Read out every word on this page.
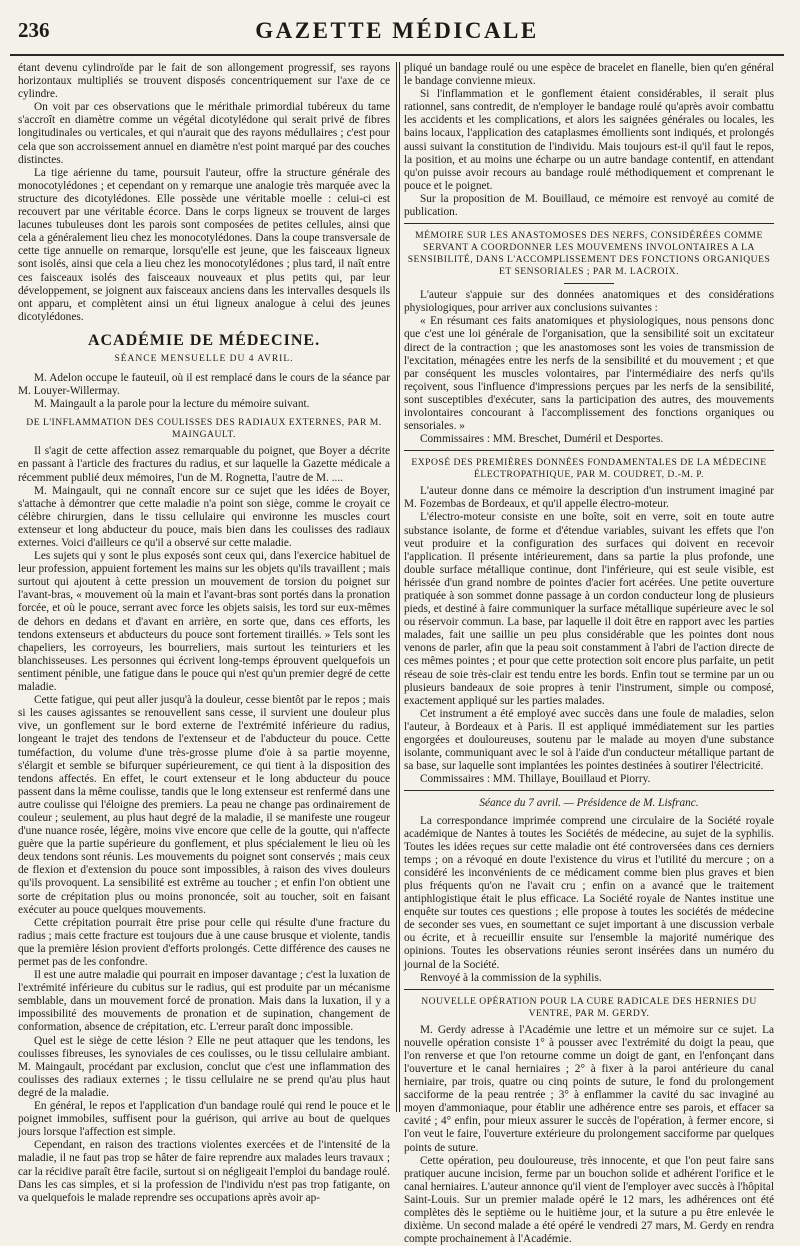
236	GAZETTE MÉDICALE

étant devenu cylindroïde par le fait de son allongement progressif, ses rayons horizontaux multipliés se trouvent disposés concentriquement sur l'axe de ce cylindre.

On voit par ces observations que le mérithale primordial tubéreux du tame s'accroît en diamètre comme un végétal dicotylédone qui serait privé de fibres longitudinales ou verticales, et qui n'aurait que des rayons médullaires ; c'est pour cela que son accroissement annuel en diamètre n'est point marqué par des couches distinctes.

La tige aérienne du tame, poursuit l'auteur, offre la structure générale des monocotylédones ; et cependant on y remarque une analogie très marquée avec la structure des dicotylédones. Elle possède une véritable moelle : celui-ci est recouvert par une véritable écorce. Dans le corps ligneux se trouvent de larges lacunes tubuleuses dont les parois sont composées de petites cellules, ainsi que cela a généralement lieu chez les monocotylédones. Dans la coupe transversale de cette tige annuelle on remarque, lorsqu'elle est jeune, que les faisceaux ligneux sont isolés, ainsi que cela a lieu chez les monocotylédones ; plus tard, il naît entre ces faisceaux isolés des faisceaux nouveaux et plus petits qui, par leur développement, se joignent aux faisceaux anciens dans les intervalles desquels ils ont apparu, et complètent ainsi un étui ligneux analogue à celui des jeunes dicotylédones.

ACADÉMIE DE MÉDECINE.
SÉANCE MENSUELLE DU 4 AVRIL.

M. Adelon occupe le fauteuil, où il est remplacé dans le cours de la séance par M. Louyer-Willermay.

M. Maingault a la parole pour la lecture du mémoire suivant.

DE L'INFLAMMATION DES COULISSES DES RADIAUX EXTERNES, PAR M. MAINGAULT.

Il s'agit de cette affection assez remarquable du poignet, que Boyer a décrite en passant à l'article des fractures du radius, et sur laquelle la Gazette médicale a récemment publié deux mémoires, l'un de M. Rognetta, l'autre de M. ....

M. Maingault, qui ne connaît encore sur ce sujet que les idées de Boyer, s'attache à démontrer que cette maladie n'a point son siège, comme le croyait ce célèbre chirurgien, dans le tissu cellulaire qui environne les muscles court extenseur et long abducteur du pouce, mais bien dans les coulisses des radiaux externes. Voici d'ailleurs ce qu'il a observé sur cette maladie.

Les sujets qui y sont le plus exposés sont ceux qui, dans l'exercice habituel de leur profession, appuient fortement les mains sur les objets qu'ils travaillent ; mais surtout qui ajoutent à cette pression un mouvement de torsion du poignet sur l'avant-bras, « mouvement où la main et l'avant-bras sont portés dans la pronation forcée, et où le pouce, serrant avec force les objets saisis, les tord sur eux-mêmes de dehors en dedans et d'avant en arrière, en sorte que, dans ces efforts, les tendons extenseurs et abducteurs du pouce sont fortement tiraillés. » Tels sont les chapeliers, les corroyeurs, les bourreliers, mais surtout les teinturiers et les blanchisseuses. Les personnes qui écrivent long-temps éprouvent quelquefois un sentiment pénible, une fatigue dans le pouce qui n'est qu'un premier degré de cette maladie.

Cette fatigue, qui peut aller jusqu'à la douleur, cesse bientôt par le repos ; mais si les causes agissantes se renouvellent sans cesse, il survient une douleur plus vive, un gonflement sur le bord externe de l'extrémité inférieure du radius, longeant le trajet des tendons de l'extenseur et de l'abducteur du pouce. Cette tuméfaction, du volume d'une très-grosse plume d'oie à sa partie moyenne, s'élargit et semble se bifurquer supérieurement, ce qui tient à la disposition des tendons affectés. En effet, le court extenseur et le long abducteur du pouce passent dans la même coulisse, tandis que le long extenseur est renfermé dans une autre coulisse qui l'éloigne des premiers. La peau ne change pas ordinairement de couleur ; seulement, au plus haut degré de la maladie, il se manifeste une rougeur d'une nuance rosée, légère, moins vive encore que celle de la goutte, qui n'affecte guère que la partie supérieure du gonflement, et plus spécialement le lieu où les deux tendons sont réunis. Les mouvements du poignet sont conservés ; mais ceux de flexion et d'extension du pouce sont impossibles, à raison des vives douleurs qu'ils provoquent. La sensibilité est extrême au toucher ; et enfin l'on obtient une sorte de crépitation plus ou moins prononcée, soit au toucher, soit en faisant exécuter au pouce quelques mouvements.

Cette crépitation pourrait être prise pour celle qui résulte d'une fracture du radius ; mais cette fracture est toujours due à une cause brusque et violente, tandis que la première lésion provient d'efforts prolongés. Cette différence des causes ne permet pas de les confondre.

Il est une autre maladie qui pourrait en imposer davantage ; c'est la luxation de l'extrémité inférieure du cubitus sur le radius, qui est produite par un mécanisme semblable, dans un mouvement forcé de pronation. Mais dans la luxation, il y a impossibilité des mouvements de pronation et de supination, changement de conformation, absence de crépitation, etc. L'erreur paraît donc impossible.

Quel est le siège de cette lésion ? Elle ne peut attaquer que les tendons, les coulisses fibreuses, les synoviales de ces coulisses, ou le tissu cellulaire ambiant. M. Maingault, procédant par exclusion, conclut que c'est une inflammation des coulisses des radiaux externes ; le tissu cellulaire ne se prend qu'au plus haut degré de la maladie.

En général, le repos et l'application d'un bandage roulé qui rend le pouce et le poignet immobiles, suffisent pour la guérison, qui arrive au bout de quelques jours lorsque l'affection est simple.

Cependant, en raison des tractions violentes exercées et de l'intensité de la maladie, il ne faut pas trop se hâter de faire reprendre aux malades leurs travaux ; car la récidive paraît être facile, surtout si on négligeait l'emploi du bandage roulé. Dans les cas simples, et si la profession de l'individu n'est pas trop fatigante, on va quelquefois le malade reprendre ses occupations après avoir ap-

pliqué un bandage roulé ou une espèce de bracelet en flanelle, bien qu'en général le bandage convienne mieux.

Si l'inflammation et le gonflement étaient considérables, il serait plus rationnel, sans contredit, de n'employer le bandage roulé qu'après avoir combattu les accidents et les complications, et alors les saignées générales ou locales, les bains locaux, l'application des cataplasmes émollients sont indiqués, et prolongés aussi suivant la constitution de l'individu. Mais toujours est-il qu'il faut le repos, la position, et au moins une écharpe ou un autre bandage contentif, en attendant qu'on puisse avoir recours au bandage roulé méthodiquement et comprenant le pouce et le poignet.

Sur la proposition de M. Bouillaud, ce mémoire est renvoyé au comité de publication.

MÉMOIRE SUR LES ANASTOMOSES DES NERFS, CONSIDÉRÉES COMME SERVANT A COORDONNER LES MOUVEMENS INVOLONTAIRES A LA SENSIBILITÉ, DANS L'ACCOMPLISSEMENT DES FONCTIONS ORGANIQUES ET SENSORIALES ; PAR M. LACROIX.

L'auteur s'appuie sur des données anatomiques et des considérations physiologiques, pour arriver aux conclusions suivantes :

« En résumant ces faits anatomiques et physiologiques, nous pensons donc que c'est une loi générale de l'organisation, que la sensibilité soit un excitateur direct de la contraction ; que les anastomoses sont les voies de transmission de l'excitation, ménagées entre les nerfs de la sensibilité et du mouvement ; et que par conséquent les muscles volontaires, par l'intermédiaire des nerfs qu'ils reçoivent, sous l'influence d'impressions perçues par les nerfs de la sensibilité, sont susceptibles d'exécuter, sans la participation des autres, des mouvements involontaires concourant à l'accomplissement des fonctions organiques ou sensoriales. »

Commissaires : MM. Breschet, Duméril et Desportes.

EXPOSÉ DES PREMIÈRES DONNÉES FONDAMENTALES DE LA MÉDECINE ÉLECTROPATHIQUE, PAR M. COUDRET, D.-M. P.

L'auteur donne dans ce mémoire la description d'un instrument imaginé par M. Fozembas de Bordeaux, et qu'il appelle électro-moteur.

L'électro-moteur consiste en une boîte, soit en verre, soit en toute autre substance isolante, de forme et d'étendue variables, suivant les effets que l'on veut produire et la configuration des surfaces qui doivent en recevoir l'application. Il présente intérieurement, dans sa partie la plus profonde, une double surface métallique continue, dont l'inférieure, qui est seule visible, est hérissée d'un grand nombre de pointes d'acier fort acérées. Une petite ouverture pratiquée à son sommet donne passage à un cordon conducteur long de plusieurs pieds, et destiné à faire communiquer la surface métallique supérieure avec le sol ou réservoir commun. La base, par laquelle il doit être en rapport avec les parties malades, fait une saillie un peu plus considérable que les pointes dont nous venons de parler, afin que la peau soit constamment à l'abri de l'action directe de ces mêmes pointes ; et pour que cette protection soit encore plus parfaite, un petit réseau de soie très-clair est tendu entre les bords. Enfin tout se termine par un ou plusieurs bandeaux de soie propres à tenir l'instrument, simple ou composé, exactement appliqué sur les parties malades.

Cet instrument a été employé avec succès dans une foule de maladies, selon l'auteur, à Bordeaux et à Paris. Il est appliqué immédiatement sur les parties engorgées et douloureuses, soutenu par le malade au moyen d'une substance isolante, communiquant avec le sol à l'aide d'un conducteur métallique partant de sa base, sur laquelle sont implantées les pointes destinées à soutirer l'électricité.

Commissaires : MM. Thillaye, Bouillaud et Piorry.

Séance du 7 avril. — Présidence de M. Lisfranc.

La correspondance imprimée comprend une circulaire de la Société royale académique de Nantes à toutes les Sociétés de médecine, au sujet de la syphilis. Toutes les idées reçues sur cette maladie ont été controversées dans ces derniers temps ; on a révoqué en doute l'existence du virus et l'utilité du mercure ; on a considéré les inconvénients de ce médicament comme bien plus graves et bien plus fréquents qu'on ne l'avait cru ; enfin on a avancé que le traitement antiphlogistique était le plus efficace. La Société royale de Nantes institue une enquête sur toutes ces questions ; elle propose à toutes les sociétés de médecine de seconder ses vues, en soumettant ce sujet important à une discussion verbale ou écrite, et à recueillir ensuite sur l'ensemble la majorité numérique des opinions. Toutes les observations réunies seront insérées dans un numéro du journal de la Société.

Renvoyé à la commission de la syphilis.

NOUVELLE OPÉRATION POUR LA CURE RADICALE DES HERNIES DU VENTRE, PAR M. GERDY.

M. Gerdy adresse à l'Académie une lettre et un mémoire sur ce sujet. La nouvelle opération consiste 1° à pousser avec l'extrémité du doigt la peau, que l'on renverse et que l'on retourne comme un doigt de gant, en l'enfonçant dans l'ouverture et le canal herniaires ; 2° à fixer à la paroi antérieure du canal herniaire, par trois, quatre ou cinq points de suture, le fond du prolongement sacciforme de la peau rentrée ; 3° à enflammer la cavité du sac invaginé au moyen d'ammoniaque, pour établir une adhérence entre ses parois, et effacer sa cavité ; 4° enfin, pour mieux assurer le succès de l'opération, à fermer encore, si l'on veut le faire, l'ouverture extérieure du prolongement sacciforme par quelques points de suture.

Cette opération, peu douloureuse, très innocente, et que l'on peut faire sans pratiquer aucune incision, ferme par un bouchon solide et adhérent l'orifice et le canal herniaires. L'auteur annonce qu'il vient de l'employer avec succès à l'hôpital Saint-Louis. Sur un premier malade opéré le 12 mars, les adhérences ont été complètes dès le septième ou le huitième jour, et la suture a pu être enlevée le dixième. Un second malade a été opéré le vendredi 27 mars, M. Gerdy en rendra compte prochainement à l'Académie.
